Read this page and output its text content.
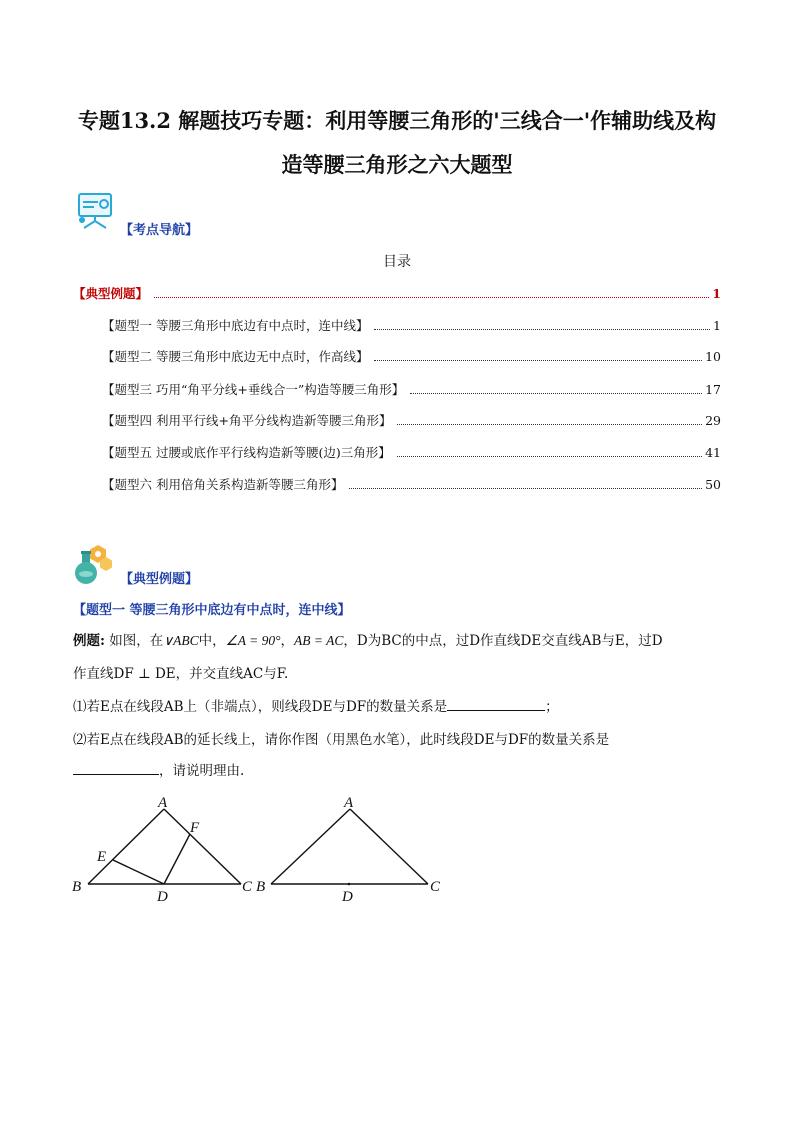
专题13.2 解题技巧专题：利用等腰三角形的'三线合一'作辅助线及构
造等腰三角形之六大题型
【考点导航】
目录
【典型例题】	1
【题型一 等腰三角形中底边有中点时，连中线】	1
【题型二 等腰三角形中底边无中点时，作高线】	10
【题型三 巧用“角平分线+垂线合一”构造等腰三角形】	17
【题型四 利用平行线+角平分线构造新等腰三角形】	29
【题型五 过腰或底作平行线构造新等腰(边)三角形】	41
【题型六 利用倍角关系构造新等腰三角形】	50
【典型例题】
【题型一 等腰三角形中底边有中点时，连中线】
例题: 如图，在∨ABC中，∠A = 90°，AB = AC，D为BC的中点，过D作直线DE交直线AB与E，过D
作直线DF ⊥ DE，并交直线AC与F.
⑴若E点在线段AB上（非端点），则线段DE与DF的数量关系是	；
⑵若E点在线段AB的延长线上，请你作图（用黑色水笔），此时线段DE与DF的数量关系是
，请说明理由.
A
B	C
D
E
F
A
B	C
D
